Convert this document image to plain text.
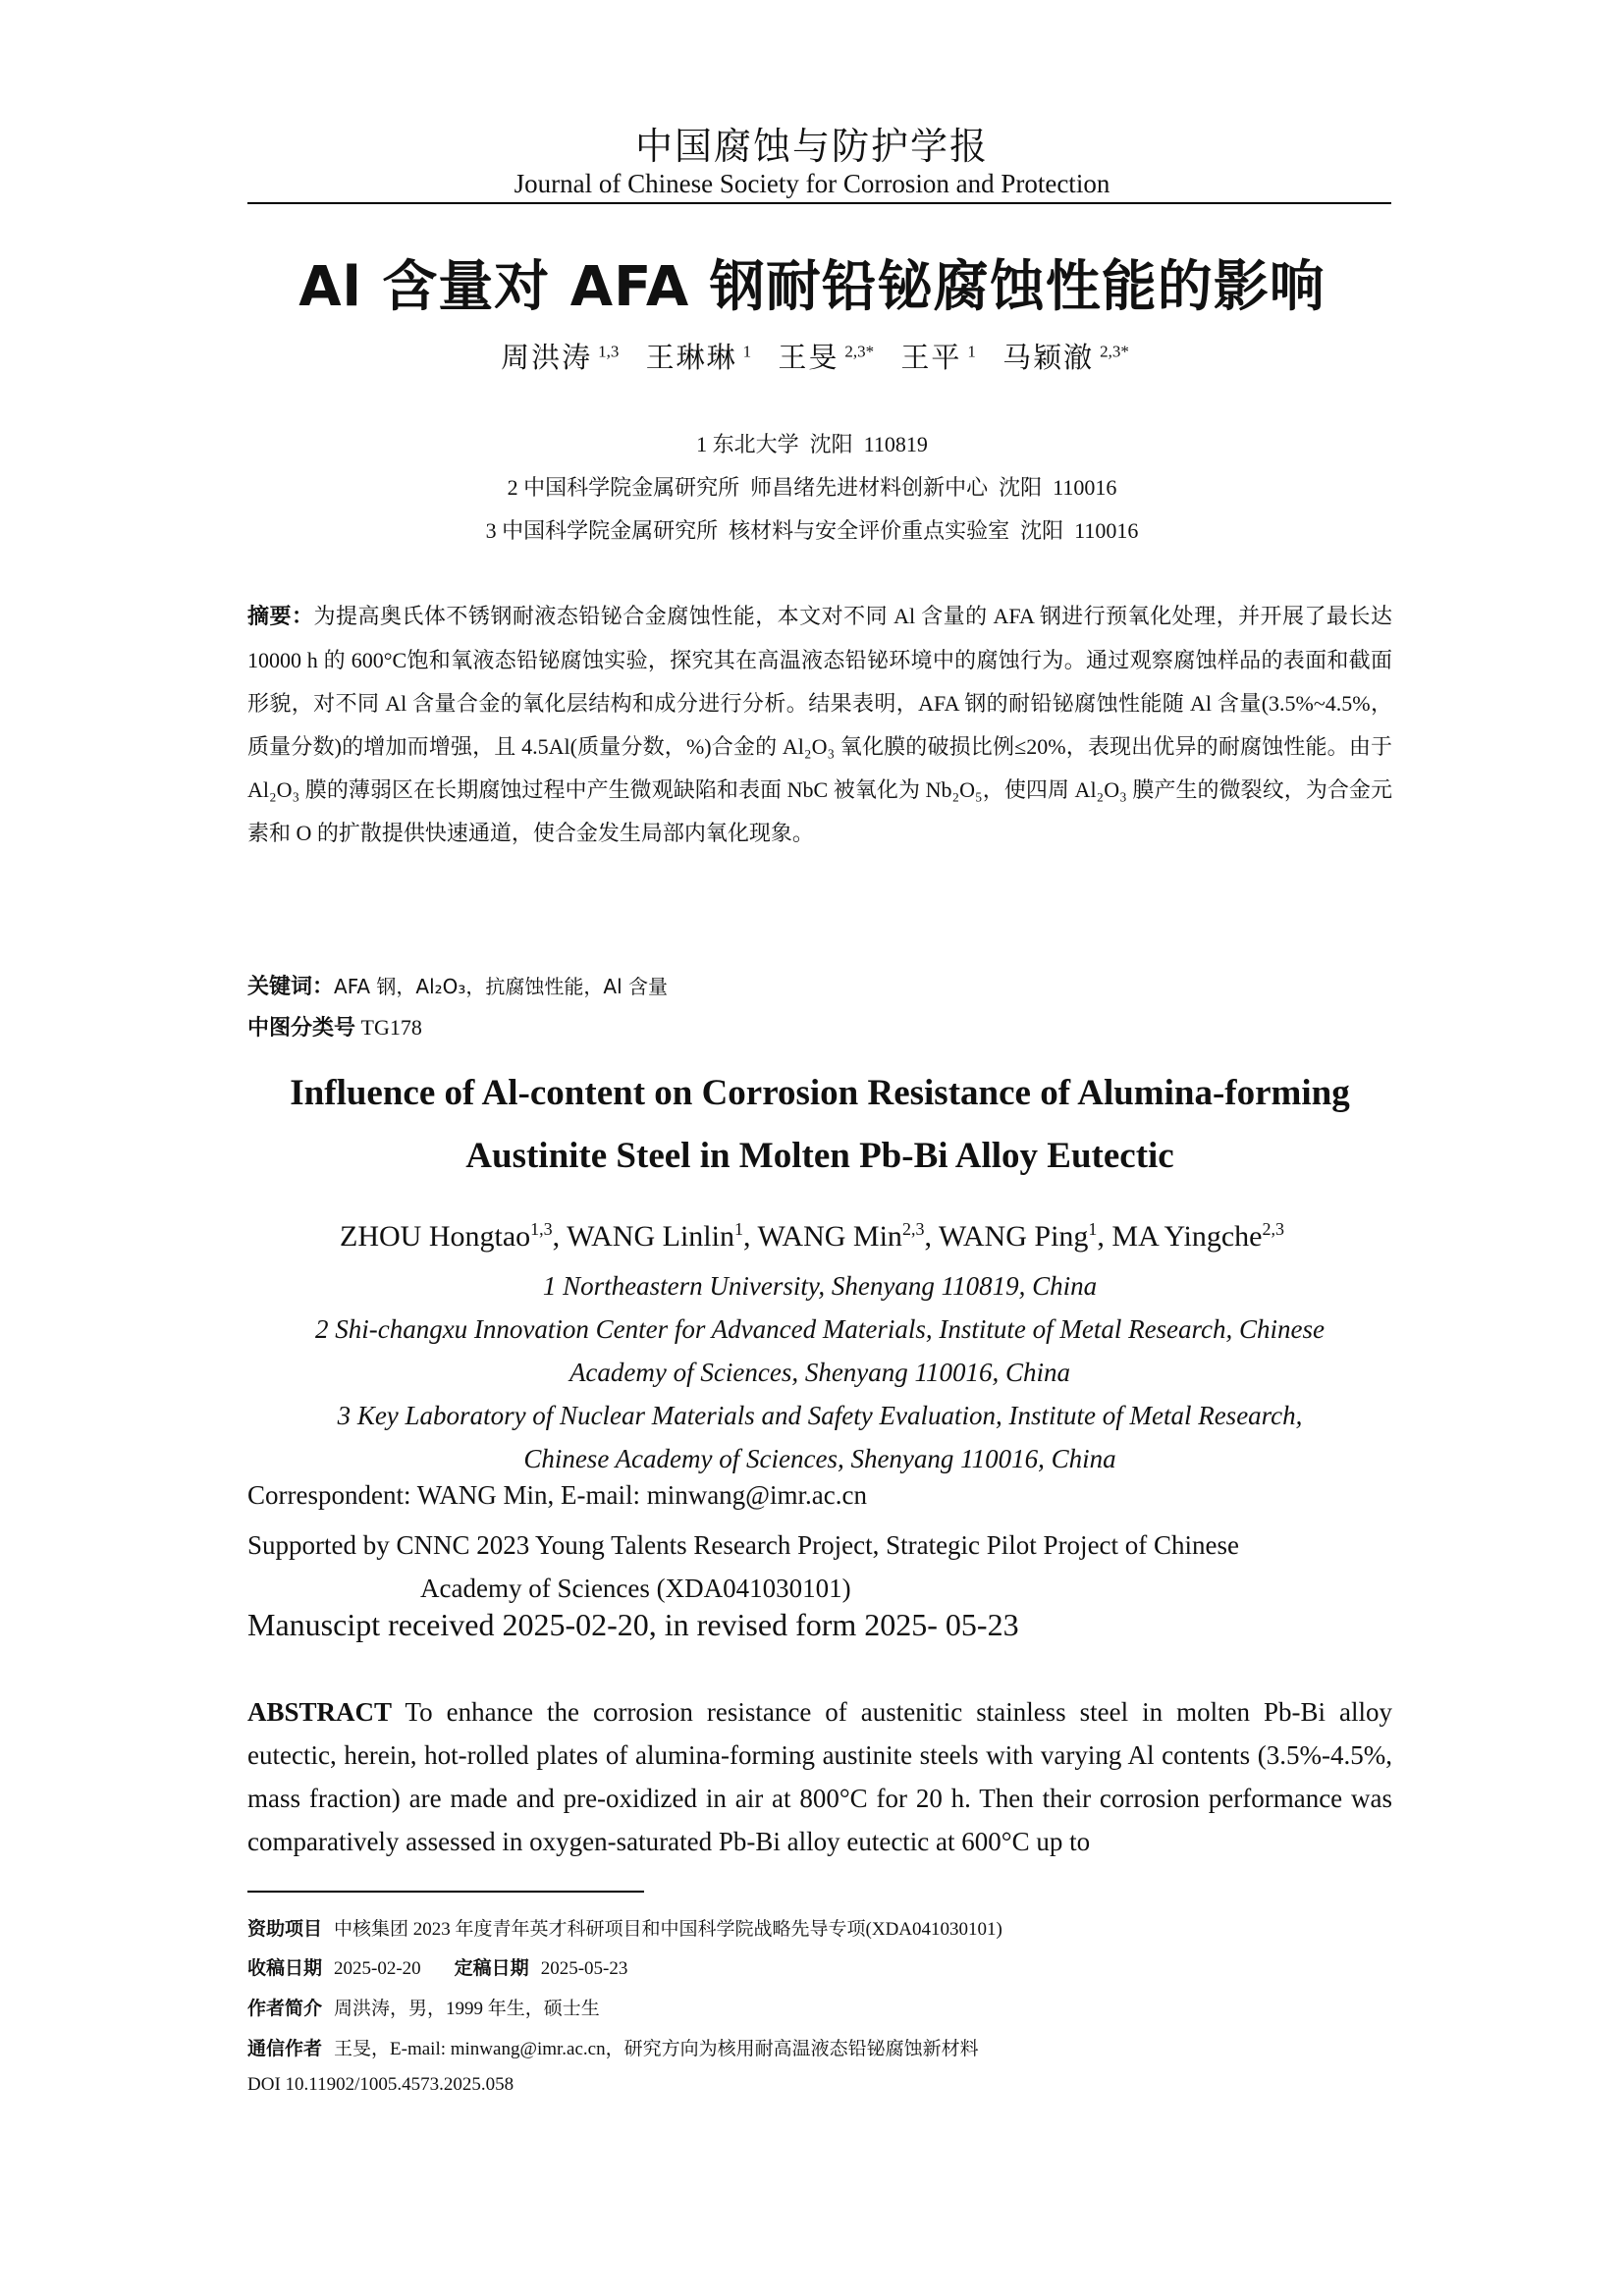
中国腐蚀与防护学报
Journal of Chinese Society for Corrosion and Protection
Al 含量对 AFA 钢耐铅铋腐蚀性能的影响
周洪涛 $^{1,3}$ 王琳琳 $^1$ 王旻 $^{2,3*}$ 王平 $^1$ 马颖澈 $^{2,3*}$
1 东北大学  沈阳  110819
2 中国科学院金属研究所  师昌绪先进材料创新中心  沈阳  110016
3 中国科学院金属研究所  核材料与安全评价重点实验室  沈阳  110016
摘要：为提高奥氏体不锈钢耐液态铅铋合金腐蚀性能，本文对不同 Al 含量的 AFA 钢进行预氧化处理，并开展了最长达 10000 h 的 600°C饱和氧液态铅铋腐蚀实验，探究其在高温液态铅铋环境中的腐蚀行为。通过观察腐蚀样品的表面和截面形貌，对不同 Al 含量合金的氧化层结构和成分进行分析。结果表明，AFA 钢的耐铅铋腐蚀性能随 Al 含量(3.5%~4.5%，质量分数)的增加而增强，且 4.5Al(质量分数，%)合金的 Al₂O₃ 氧化膜的破损比例≤20%，表现出优异的耐腐蚀性能。由于 Al₂O₃ 膜的薄弱区在长期腐蚀过程中产生微观缺陷和表面 NbC 被氧化为 Nb₂O₅，使四周 Al₂O₃ 膜产生的微裂纹，为合金元素和 O 的扩散提供快速通道，使合金发生局部内氧化现象。
关键词：AFA 钢，Al₂O₃，抗腐蚀性能，Al 含量
中图分类号 TG178
Influence of Al-content on Corrosion Resistance of Alumina-forming
Austinite Steel in Molten Pb-Bi Alloy Eutectic
ZHOU Hongtao$^{1,3}$, WANG Linlin$^1$, WANG Min$^{2,3}$, WANG Ping$^1$, MA Yingche$^{2,3}$
1 Northeastern University, Shenyang 110819, China
2 Shi-changxu Innovation Center for Advanced Materials, Institute of Metal Research, Chinese
Academy of Sciences, Shenyang 110016, China
3 Key Laboratory of Nuclear Materials and Safety Evaluation, Institute of Metal Research,
Chinese Academy of Sciences, Shenyang 110016, China
Correspondent: WANG Min, E-mail: minwang@imr.ac.cn
Supported by CNNC 2023 Young Talents Research Project, Strategic Pilot Project of Chinese
Academy of Sciences (XDA041030101)
Manuscipt received 2025-02-20, in revised form 2025- 05-23
ABSTRACT To enhance the corrosion resistance of austenitic stainless steel in molten Pb-Bi alloy eutectic, herein, hot-rolled plates of alumina-forming austinite steels with varying Al contents (3.5%-4.5%, mass fraction) are made and pre-oxidized in air at 800°C for 20 h. Then their corrosion performance was comparatively assessed in oxygen-saturated Pb-Bi alloy eutectic at 600°C up to
资助项目 中核集团 2023 年度青年英才科研项目和中国科学院战略先导专项(XDA041030101)
收稿日期 2025-02-20 定稿日期 2025-05-23
作者简介 周洪涛，男，1999 年生，硕士生
通信作者 王旻，E-mail: minwang@imr.ac.cn，研究方向为核用耐高温液态铅铋腐蚀新材料
DOI 10.11902/1005.4573.2025.058
